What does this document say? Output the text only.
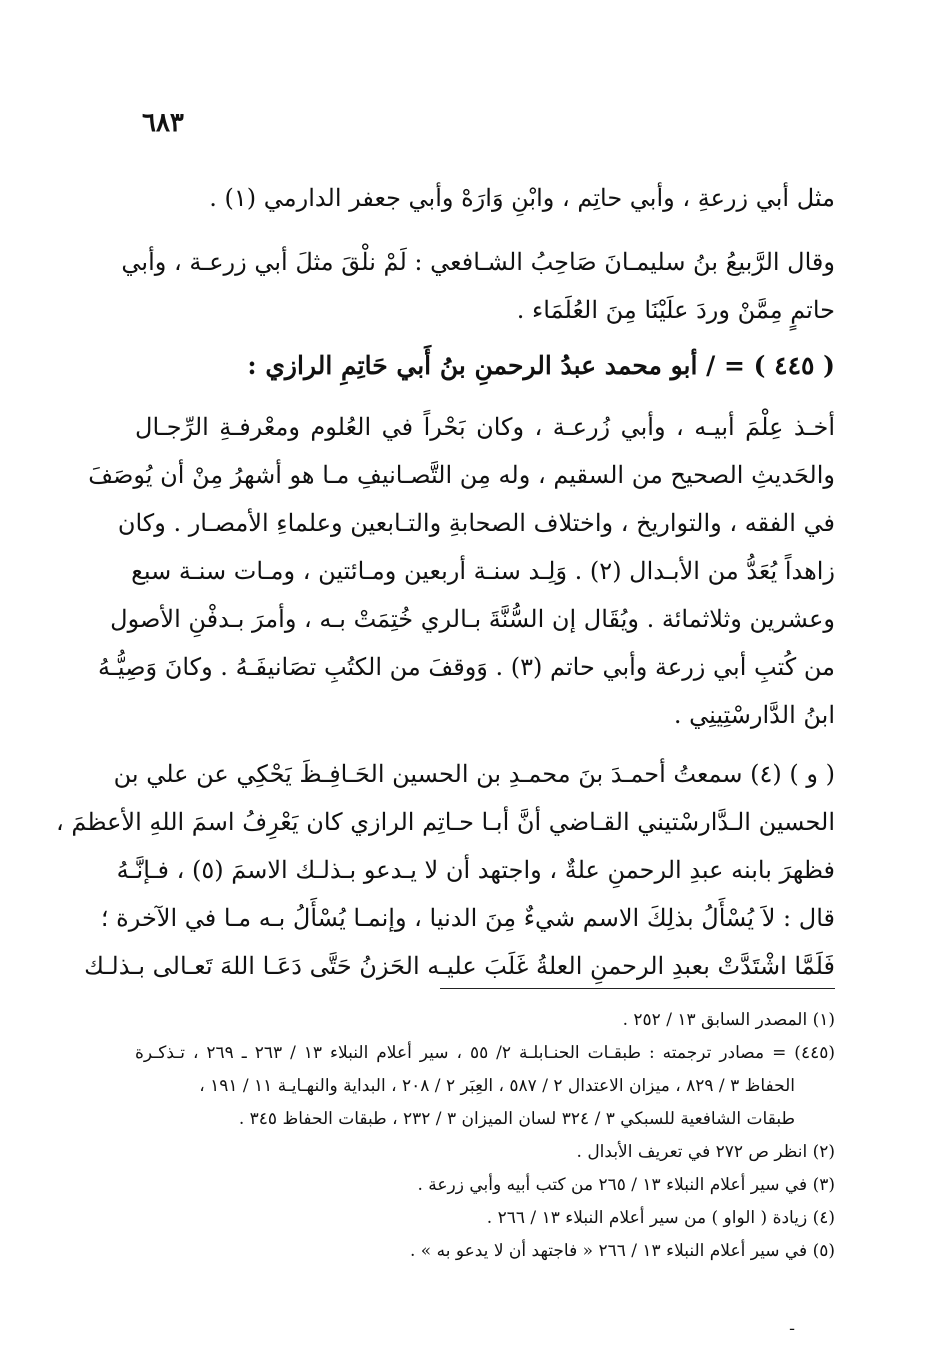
٦٨٣
مثل أبي زرعةِ ، وأبي حاتِم ، وابْنِ وَارَهْ وأبي جعفر الدارمي (١) .
وقال الرَّبيعُ بنُ سليمـانَ صَاحِبُ الشـافعي : لَمْ نلْقَ مثلَ أبي زرعـة ، وأبي
حاتمٍ مِمَّنْ وردَ علَيْنَا مِنَ العُلَمَاء .
( ٤٤٥ ) = / أبو محمد عبدُ الرحمنِ بنُ أَبي حَاتِمِ الرازي :
أخـذ عِلْمَ أبيـه ، وأبي زُرعـة ، وكان بَحْراً في العُلوم ومعْرفـةِ الرِّجـال
والحَديثِ الصحيح من السقيم ، وله مِن التَّصـانيفِ مـا هو أشهرُ مِنْ أن يُوصَفَ
في الفقه ، والتواريخ ، واختلاف الصحابةِ والتـابعين وعلماءِ الأمصـار . وكان
زاهداً يُعَدُّ من الأبـدال (٢) . وَلِـد سنـة أربعين ومـائتين ، ومـات سنـة سبع
وعشرين وثلاثمائة . ويُقَال إن السُّنَّةَ بـالري خُتِمَتْ بـه ، وأمرَ بـدفْنِ الأصول
من كُتبِ أبي زرعة وأبي حاتم (٣) . وَوقفَ من الكتُبِ تصَانيفَـهُ . وكانَ وَصِيُّـهُ
ابنُ الدَّارسْتِينِي .
( و ) (٤) سمعتُ أحمـدَ بنَ محمـدِ بن الحسين الحَـافِـظَ يَحْكِي عن علي بن
الحسين الـدَّارسْتيني القـاضي أنَّ أبـا حـاتِم الرازي كان يَعْرِفُ اسمَ اللهِ الأعظمَ ،
فظهرَ بابنه عبدِ الرحمنِ علةٌ ، واجتهد أن لا يـدعو بـذلـك الاسمَ (٥) ، فـإنَّـهُ
قال : لاَ يُسْأَلُ بذلِكَ الاسم شيءٌ مِنَ الدنيا ، وإنمـا يُسْأَلُ بـه مـا في الآخرة ؛
فَلَمَّا اشْتَدَّتْ بعبدِ الرحمنِ العلةُ غَلَبَ عليـه الحَزنُ حَتَّى دَعَـا اللهَ تَعـالى بـذلـك
(١) المصدر السابق ١٣ / ٢٥٢ .
(٤٤٥) = مصادر ترجمته : طبقـات الحنـابلـة ٢/ ٥٥ ، سير أعلام النبلاء ١٣ / ٢٦٣ ـ ٢٦٩ ، تـذكـرة
الحفاظ ٣ / ٨٢٩ ، ميزان الاعتدال ٢ / ٥٨٧ ، العِبَر ٢ / ٢٠٨ ، البداية والنهـايـة ١١ / ١٩١ ،
طبقات الشافعية للسبكي ٣ / ٣٢٤ لسان الميزان ٣ / ٢٣٢ ، طبقات الحفاظ ٣٤٥ .
(٢) انظر ص ٢٧٢ في تعريف الأبدال .
(٣) في سير أعلام النبلاء ١٣ / ٢٦٥ من كتب أبيه وأبي زرعة .
(٤) زيادة ( الواو ) من سير أعلام النبلاء ١٣ / ٢٦٦ .
(٥) في سير أعلام النبلاء ١٣ / ٢٦٦ « فاجتهد أن لا يدعو به » .
ـ
